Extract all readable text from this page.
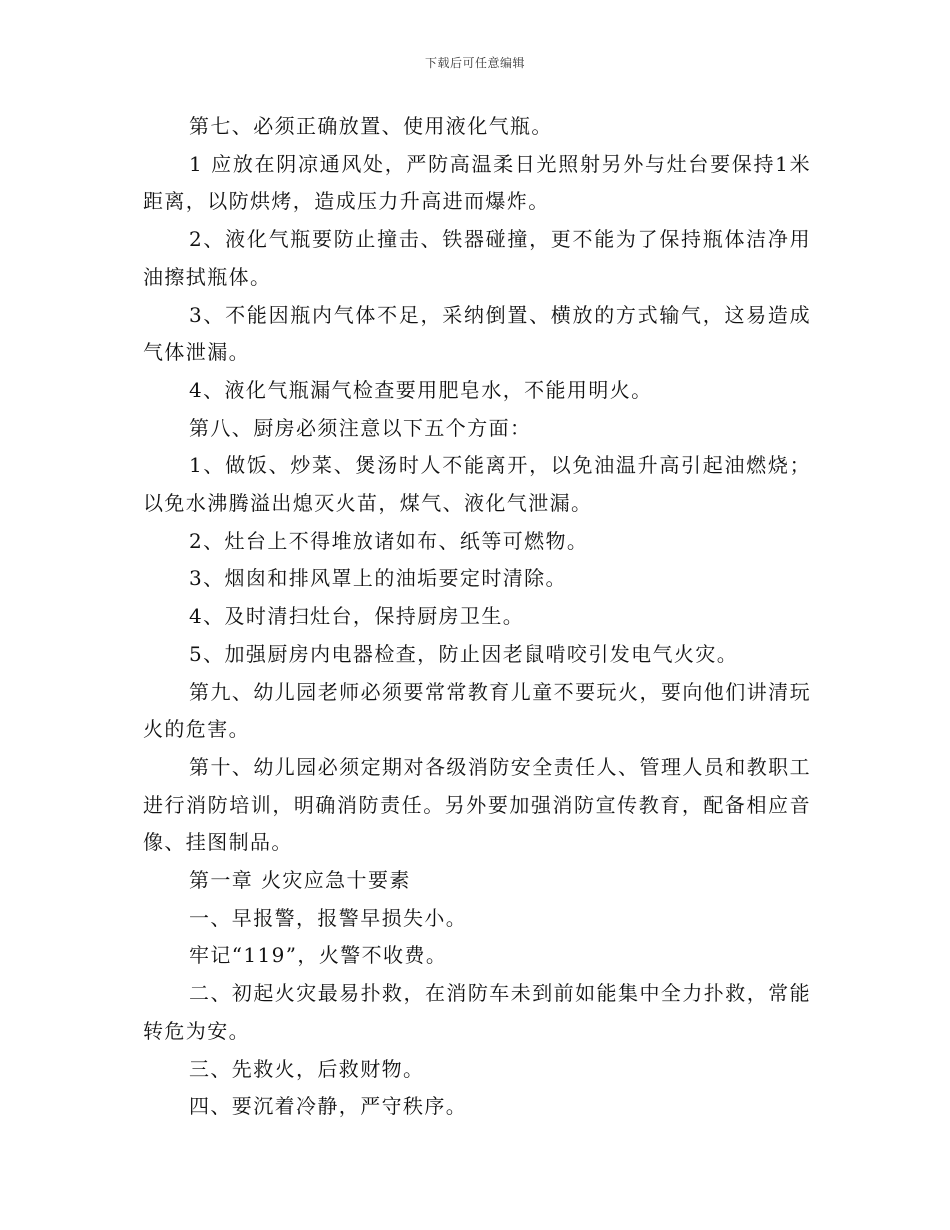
下载后可任意编辑

第七、必须正确放置、使用液化气瓶。

1 应放在阴凉通风处，严防高温柔日光照射另外与灶台要保持1米距离，以防烘烤，造成压力升高进而爆炸。

2、液化气瓶要防止撞击、铁器碰撞，更不能为了保持瓶体洁净用油擦拭瓶体。

3、不能因瓶内气体不足，采纳倒置、横放的方式输气，这易造成气体泄漏。

4、液化气瓶漏气检查要用肥皂水，不能用明火。

第八、厨房必须注意以下五个方面：

1、做饭、炒菜、煲汤时人不能离开，以免油温升高引起油燃烧；以免水沸腾溢出熄灭火苗，煤气、液化气泄漏。

2、灶台上不得堆放诸如布、纸等可燃物。

3、烟囱和排风罩上的油垢要定时清除。

4、及时清扫灶台，保持厨房卫生。

5、加强厨房内电器检查，防止因老鼠啃咬引发电气火灾。

第九、幼儿园老师必须要常常教育儿童不要玩火，要向他们讲清玩火的危害。

第十、幼儿园必须定期对各级消防安全责任人、管理人员和教职工进行消防培训，明确消防责任。另外要加强消防宣传教育，配备相应音像、挂图制品。

第一章 火灾应急十要素

一、早报警，报警早损失小。

牢记“119”，火警不收费。

二、初起火灾最易扑救，在消防车未到前如能集中全力扑救，常能转危为安。

三、先救火，后救财物。

四、要沉着冷静，严守秩序。
